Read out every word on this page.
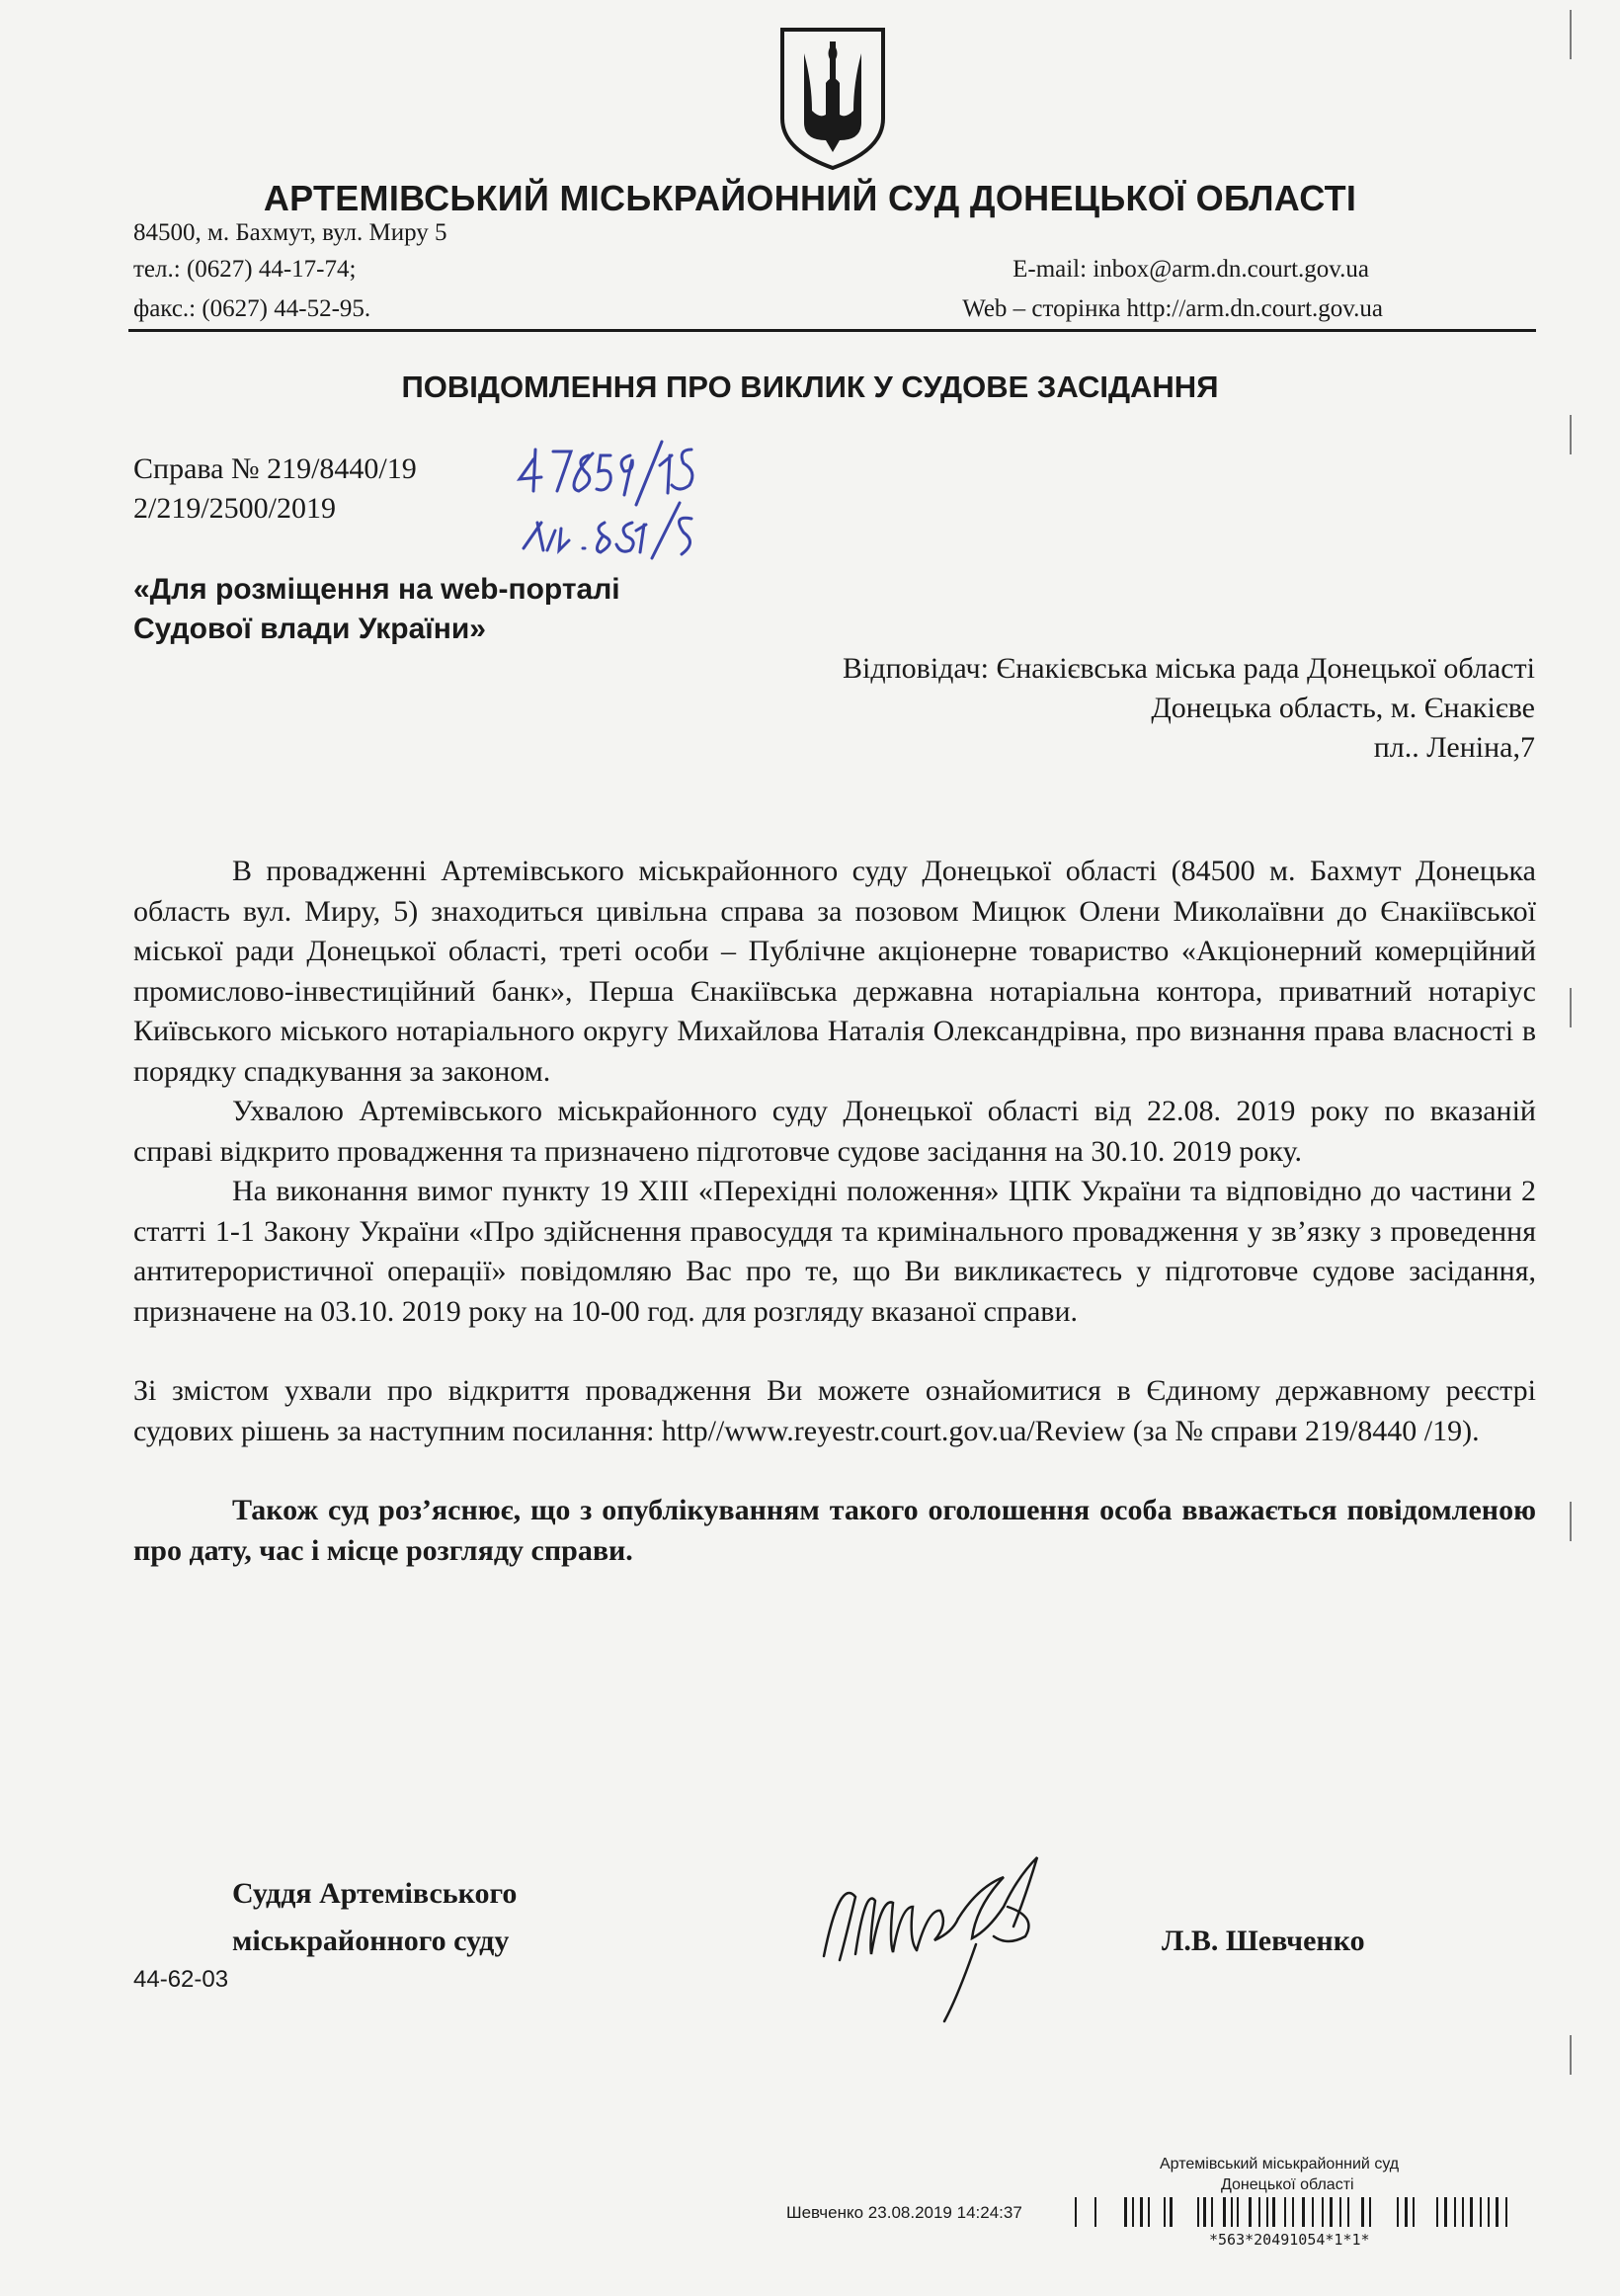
АРТЕМІВСЬКИЙ МІСЬКРАЙОННИЙ СУД ДОНЕЦЬКОЇ ОБЛАСТІ
84500, м. Бахмут, вул. Миру 5
тел.: (0627) 44-17-74;
факс.: (0627) 44-52-95.
E-mail: inbox@arm.dn.court.gov.ua
Web – сторінка http://arm.dn.court.gov.ua
ПОВІДОМЛЕННЯ ПРО ВИКЛИК У СУДОВЕ ЗАСІДАННЯ
Справа № 219/8440/19
2/219/2500/2019
«Для розміщення на web-порталі
Судової влади України»
Відповідач: Єнакієвська міська рада Донецької області
Донецька область, м. Єнакієве
пл.. Леніна,7

В провадженні Артемівського міськрайонного суду Донецької області (84500 м. Бахмут Донецька область вул. Миру, 5) знаходиться цивільна справа за позовом Мицюк Олени Миколаївни до Єнакіївської міської ради Донецької області, треті особи – Публічне акціонерне товариство «Акціонерний комерційний промислово-інвестиційний банк», Перша Єнакіївська державна нотаріальна контора, приватний нотаріус Київського міського нотаріального округу Михайлова Наталія Олександрівна, про визнання права власності в порядку спадкування за законом.

Ухвалою Артемівського міськрайонного суду Донецької області від 22.08. 2019 року по вказаній справі відкрито провадження та призначено підготовче судове засідання на 30.10. 2019 року.

На виконання вимог пункту 19 XIII «Перехідні положення» ЦПК України та відповідно до частини 2 статті 1-1 Закону України «Про здійснення правосуддя та кримінального провадження у зв’язку з проведення антитерористичної операції» повідомляю Вас про те, що Ви викликаєтесь у підготовче судове засідання, призначене на 03.10. 2019 року на 10-00 год. для розгляду вказаної справи.

Зі змістом ухвали про відкриття провадження Ви можете ознайомитися в Єдиному державному реєстрі судових рішень за наступним посилання: http//www.reyestr.court.gov.ua/Review (за № справи 219/8440 /19).

Також суд роз’яснює, що з опублікуванням такого оголошення особа вважається повідомленою про дату, час і місце розгляду справи.

Суддя Артемівського
міськрайонного суду	Л.В. Шевченко
44-62-03
Артемівський міськрайонний суд
Донецької області
Шевченко 23.08.2019 14:24:37
*563*20491054*1*1*
